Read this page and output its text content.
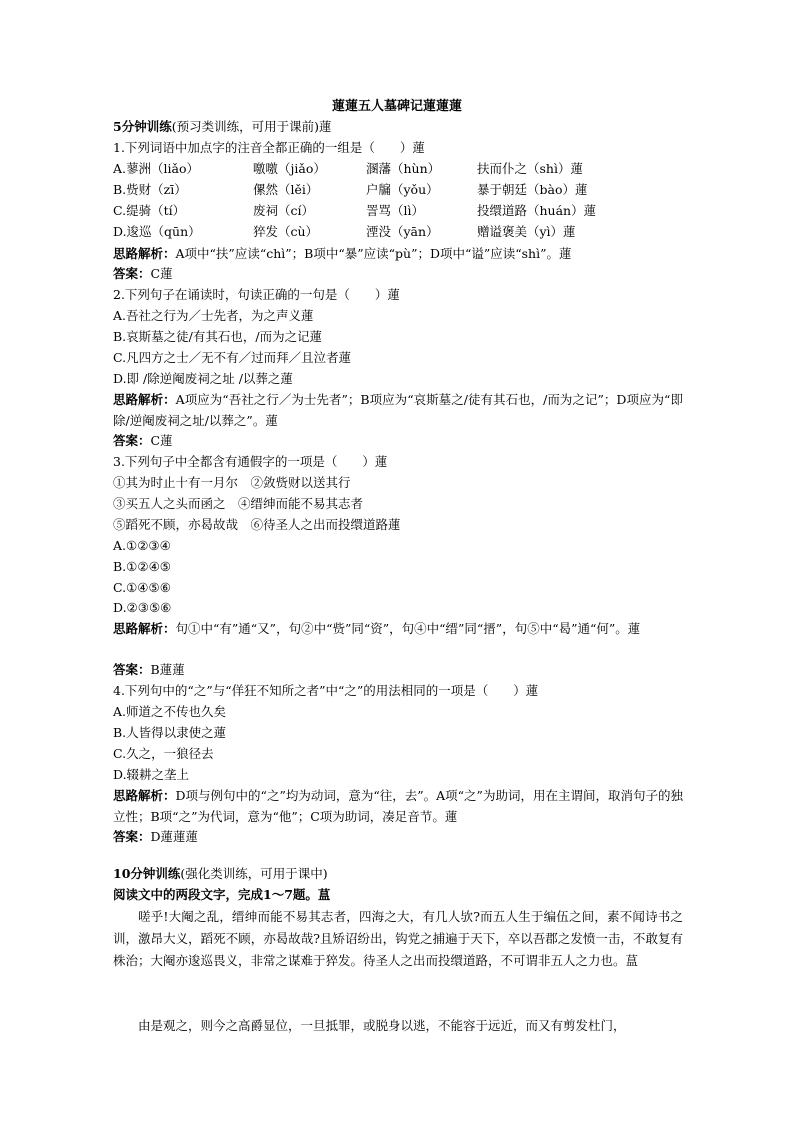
蓮蓮五人墓碑记蓮蓮蓮
5分钟训练(预习类训练，可用于课前)蓮
1.下列词语中加点字的注音全都正确的一组是（　　）蓮
A.蓼洲（liǎo）	噭噭（jiǎo）	溷藩（hùn）	扶而仆之（shì）蓮
B.赀财（zī）	傫然（lěi）	户牖（yǒu）	暴于朝廷（bào）蓮
C.缇骑（tí）	废祠（cí）	詈骂（lì）	投缳道路（huán）蓮
D.逡巡（qūn）	猝发（cù）	湮没（yān）	赠谥褒美（yì）蓮
思路解析：A项中“扶”应读“chì”；B项中“暴”应读“pù”；D项中“谥”应读“shì”。蓮
答案：C蓮
2.下列句子在诵读时，句读正确的一句是（　　）蓮
A.吾社之行为／士先者，为之声义蓮
B.哀斯墓之徒/有其石也，/而为之记蓮
C.凡四方之士／无不有／过而拜／且泣者蓮
D.即 /除逆阉废祠之址 /以葬之蓮
思路解析：A项应为“吾社之行／为士先者”；B项应为“哀斯墓之/徒有其石也，/而为之记”；D项应为“即除/逆阉废祠之址/以葬之”。蓮
答案：C蓮
3.下列句子中全都含有通假字的一项是（　　）蓮
①其为时止十有一月尔　②敛赀财以送其行
③买五人之头而函之　④缙绅而能不易其志者
⑤蹈死不顾，亦曷故哉　⑥待圣人之出而投缳道路蓮
A.①②③④
B.①②④⑤
C.①④⑤⑥
D.②③⑤⑥
思路解析：句①中“有”通“又”，句②中“赀”同“资”，句④中“缙”同“搢”，句⑤中“曷”通“何”。蓮
答案：B蓮蓮
4.下列句中的“之”与“佯狂不知所之者”中“之”的用法相同的一项是（　　）蓮
A.师道之不传也久矣
B.人皆得以隶使之蓮
C.久之，一狼径去
D.辍耕之垄上
思路解析：D项与例句中的“之”均为动词，意为“往，去”。A项“之”为助词，用在主谓间，取消句子的独立性；B项“之”为代词，意为“他”；C项为助词，凑足音节。蓮
答案：D蓮蓮蓮
10分钟训练(强化类训练，可用于课中)
阅读文中的两段文字，完成1～7题。蒀
嗟乎!大阉之乱，缙绅而能不易其志者，四海之大，有几人欤?而五人生于编伍之间，素不闻诗书之训，激昂大义，蹈死不顾，亦曷故哉?且矫诏纷出，钩党之捕遍于天下，卒以吾郡之发愤一击，不敢复有株治；大阉亦逡巡畏义，非常之谋难于猝发。待圣人之出而投缳道路，不可谓非五人之力也。蒀
由是观之，则今之高爵显位，一旦抵罪，或脱身以逃，不能容于远近，而又有剪发杜门，
